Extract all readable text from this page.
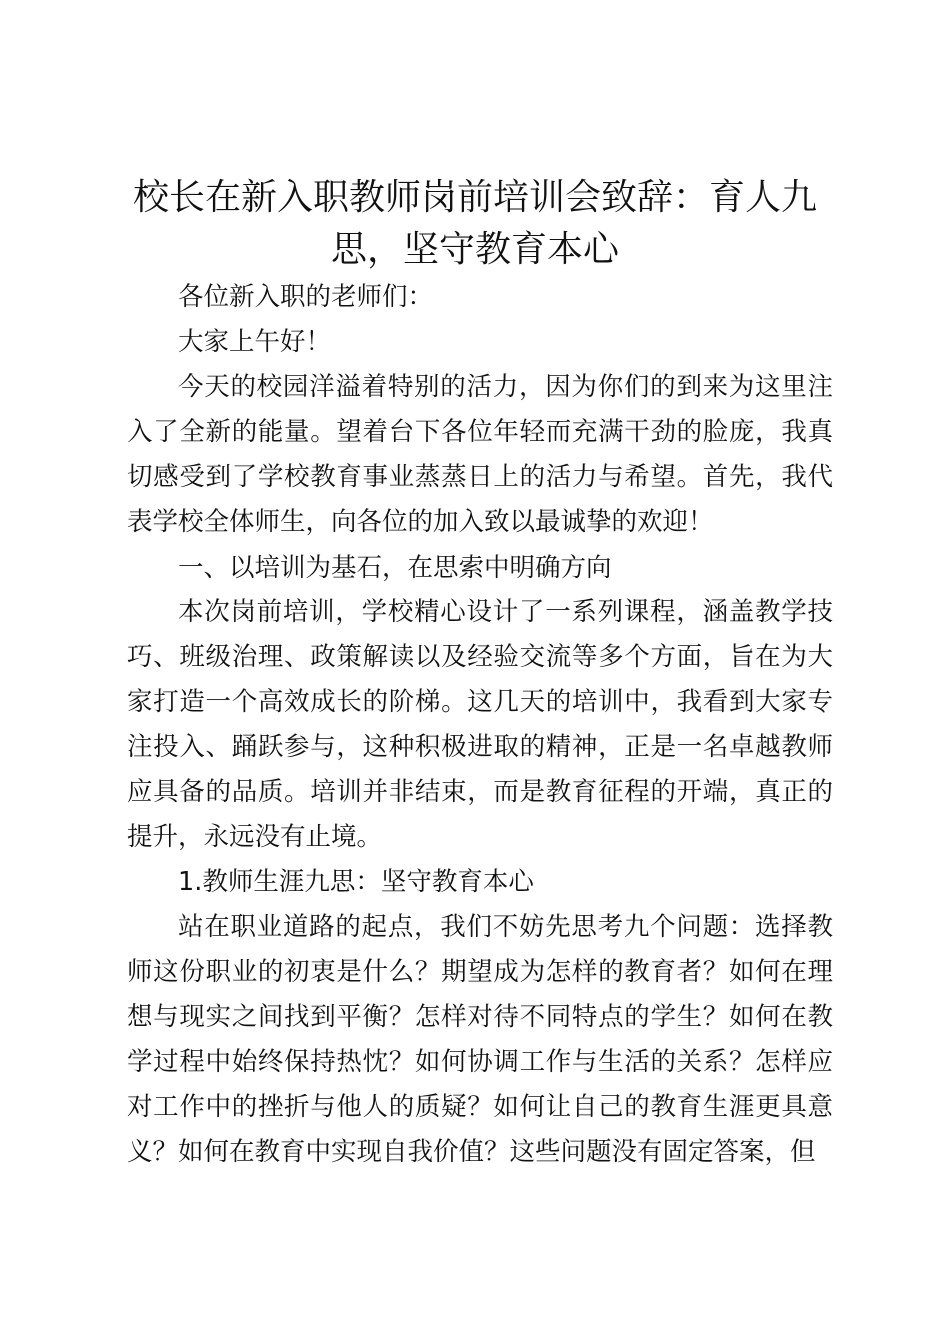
校长在新入职教师岗前培训会致辞：育人九思，坚守教育本心

各位新入职的老师们：

大家上午好！

今天的校园洋溢着特别的活力，因为你们的到来为这里注入了全新的能量。望着台下各位年轻而充满干劲的脸庞，我真切感受到了学校教育事业蒸蒸日上的活力与希望。首先，我代表学校全体师生，向各位的加入致以最诚挚的欢迎！

一、以培训为基石，在思索中明确方向

本次岗前培训，学校精心设计了一系列课程，涵盖教学技巧、班级治理、政策解读以及经验交流等多个方面，旨在为大家打造一个高效成长的阶梯。这几天的培训中，我看到大家专注投入、踊跃参与，这种积极进取的精神，正是一名卓越教师应具备的品质。培训并非结束，而是教育征程的开端，真正的提升，永远没有止境。

1.教师生涯九思：坚守教育本心

站在职业道路的起点，我们不妨先思考九个问题：选择教师这份职业的初衷是什么？期望成为怎样的教育者？如何在理想与现实之间找到平衡？怎样对待不同特点的学生？如何在教学过程中始终保持热忱？如何协调工作与生活的关系？怎样应对工作中的挫折与他人的质疑？如何让自己的教育生涯更具意义？如何在教育中实现自我价值？这些问题没有固定答案，但
